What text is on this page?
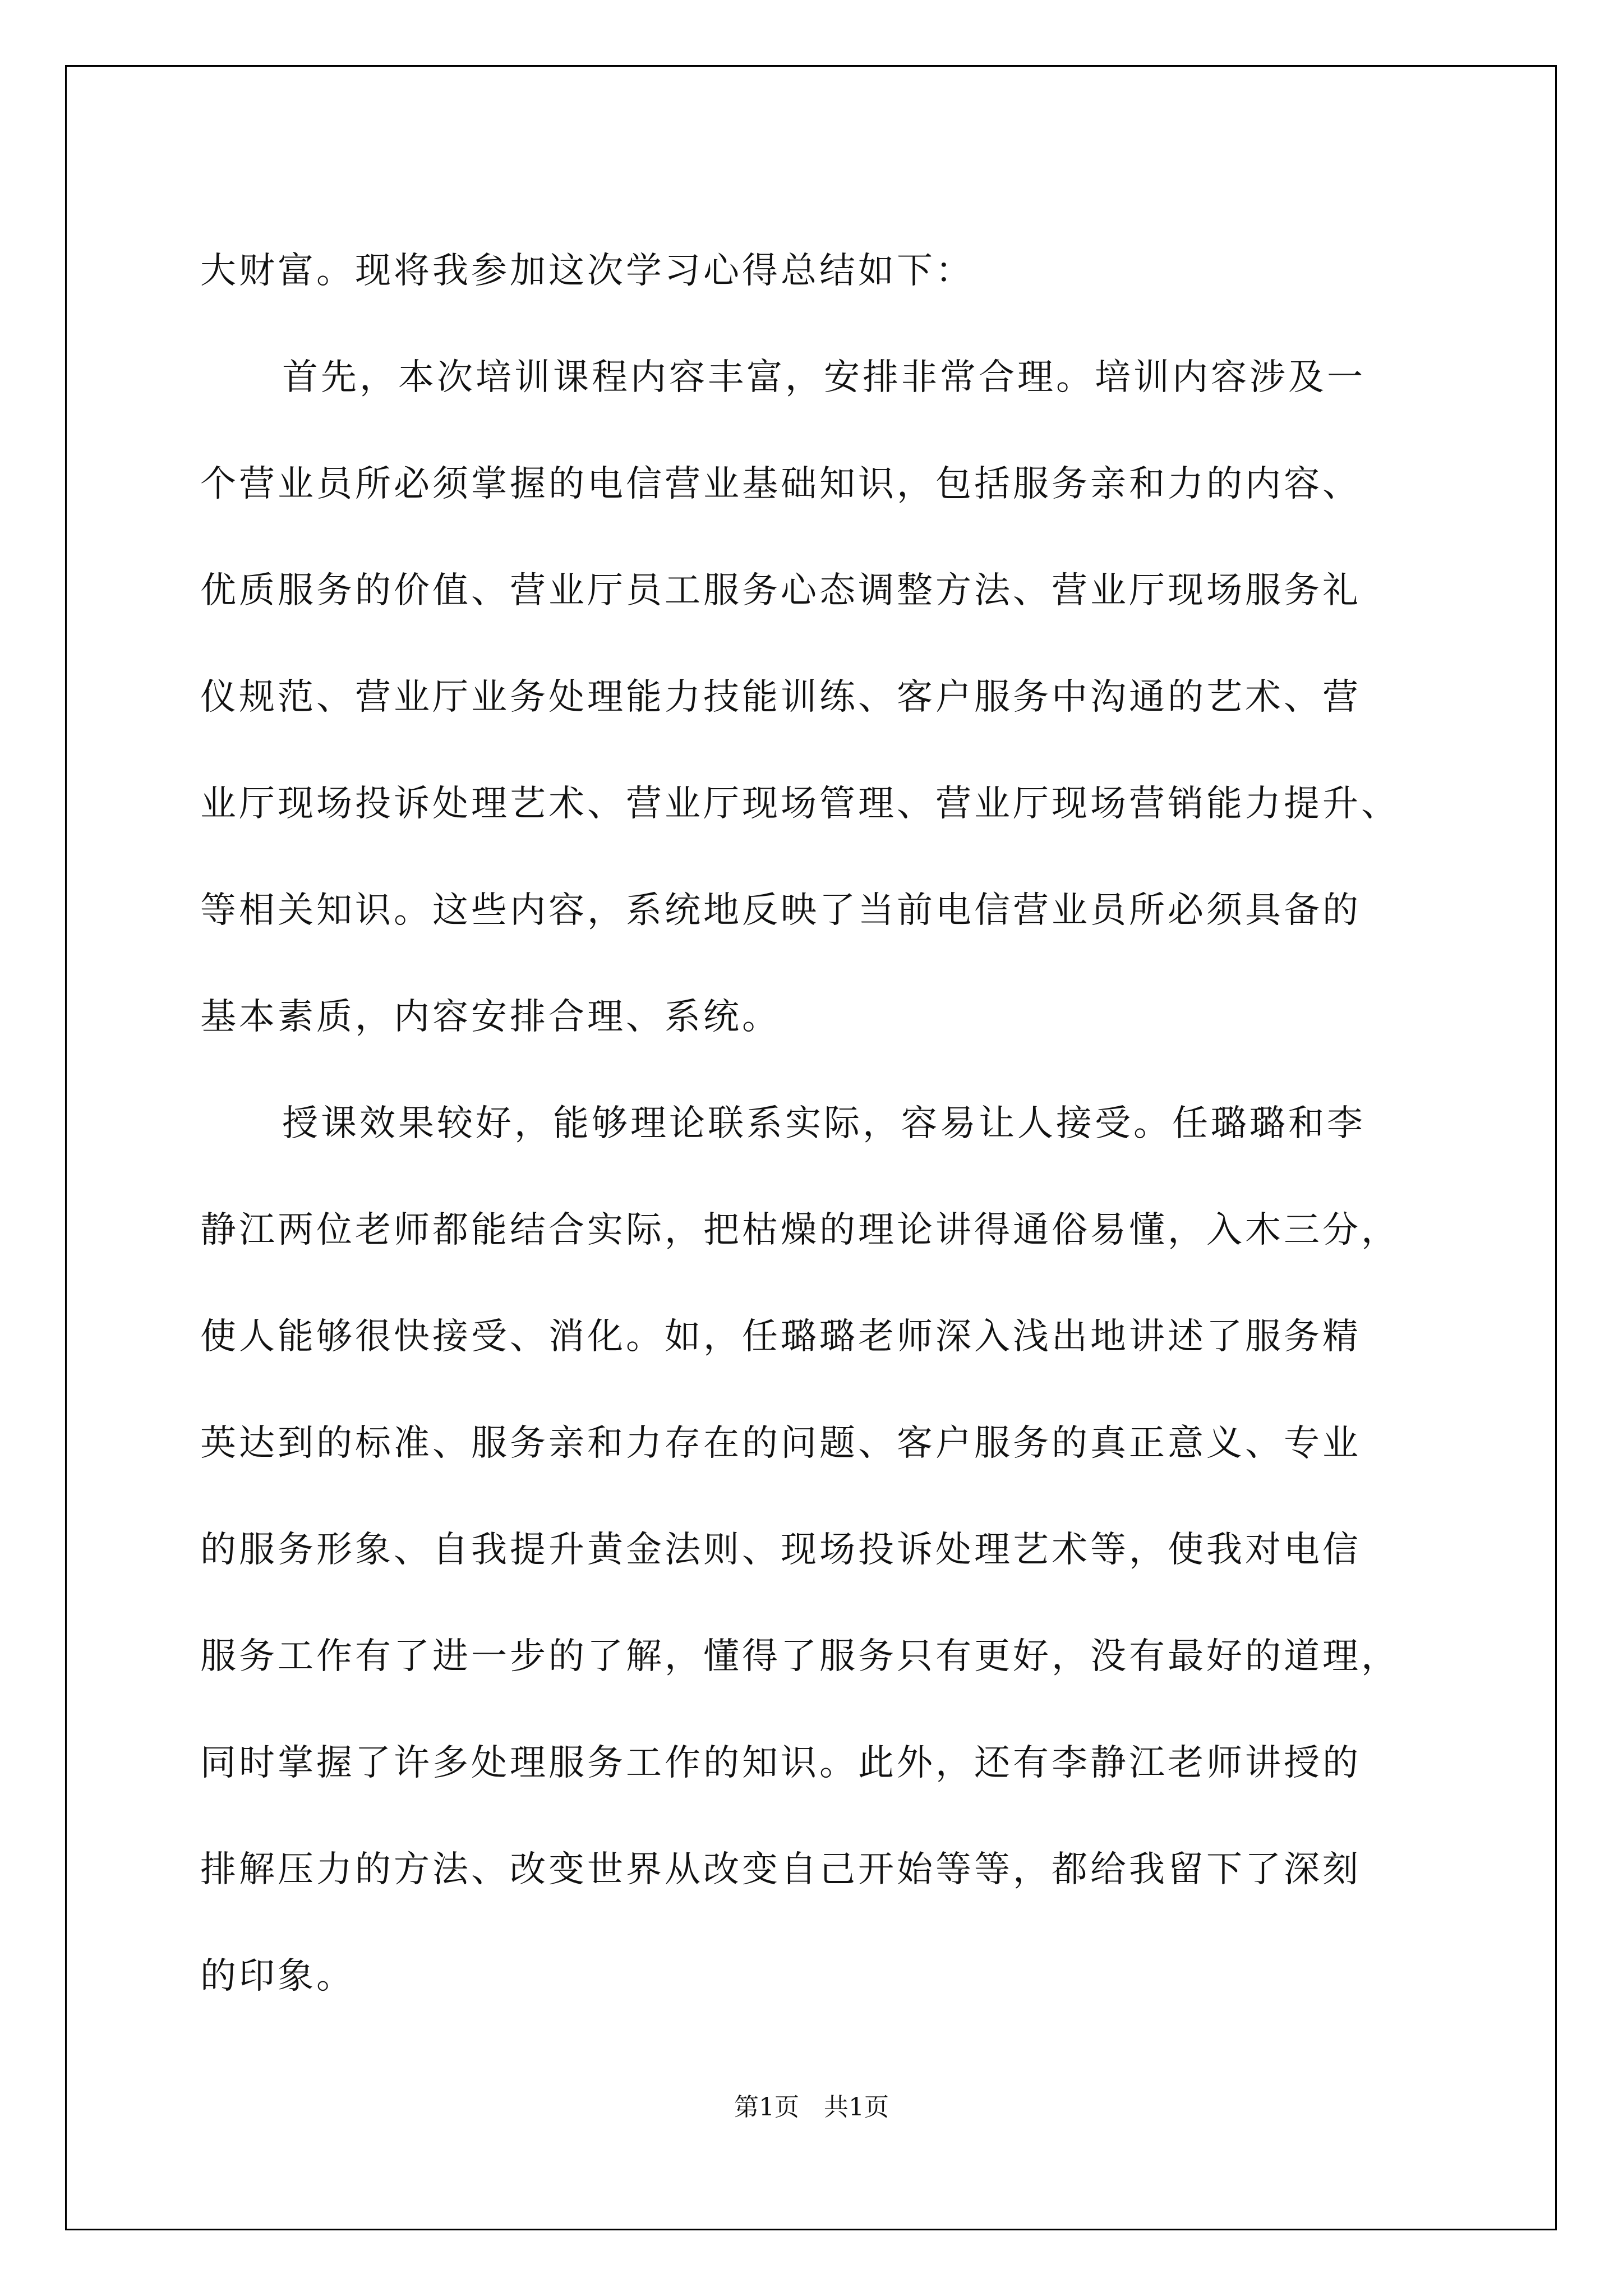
大财富。现将我参加这次学习心得总结如下：
首先，本次培训课程内容丰富，安排非常合理。培训内容涉及一
个营业员所必须掌握的电信营业基础知识，包括服务亲和力的内容、
优质服务的价值、营业厅员工服务心态调整方法、营业厅现场服务礼
仪规范、营业厅业务处理能力技能训练、客户服务中沟通的艺术、营
业厅现场投诉处理艺术、营业厅现场管理、营业厅现场营销能力提升、
等相关知识。这些内容，系统地反映了当前电信营业员所必须具备的
基本素质，内容安排合理、系统。
授课效果较好，能够理论联系实际，容易让人接受。任璐璐和李
静江两位老师都能结合实际，把枯燥的理论讲得通俗易懂，入木三分，
使人能够很快接受、消化。如，任璐璐老师深入浅出地讲述了服务精
英达到的标准、服务亲和力存在的问题、客户服务的真正意义、专业
的服务形象、自我提升黄金法则、现场投诉处理艺术等，使我对电信
服务工作有了进一步的了解，懂得了服务只有更好，没有最好的道理，
同时掌握了许多处理服务工作的知识。此外，还有李静江老师讲授的
排解压力的方法、改变世界从改变自己开始等等，都给我留下了深刻
的印象。
第1页 共1页
